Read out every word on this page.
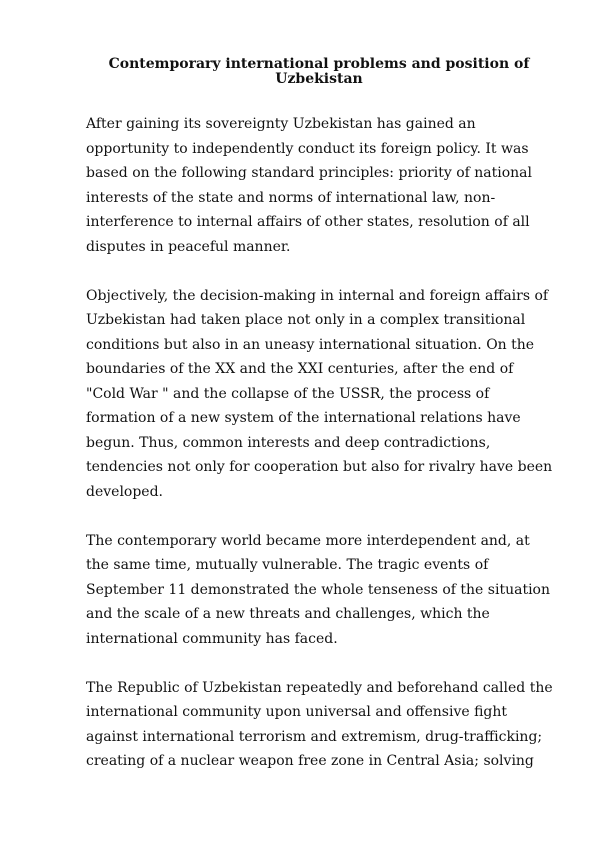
Contemporary international problems and position of Uzbekistan

After gaining its sovereignty Uzbekistan has gained an
opportunity to independently conduct its foreign policy. It was
based on the following standard principles: priority of national
interests of the state and norms of international law, non-
interference to internal affairs of other states, resolution of all
disputes in peaceful manner.

Objectively, the decision-making in internal and foreign affairs of
Uzbekistan had taken place not only in a complex transitional
conditions but also in an uneasy international situation. On the
boundaries of the XX and the XXI centuries, after the end of
"Cold War " and the collapse of the USSR, the process of
formation of a new system of the international relations have
begun. Thus, common interests and deep contradictions,
tendencies not only for cooperation but also for rivalry have been
developed.

The contemporary world became more interdependent and, at
the same time, mutually vulnerable. The tragic events of
September 11 demonstrated the whole tenseness of the situation
and the scale of a new threats and challenges, which the
international community has faced.

The Republic of Uzbekistan repeatedly and beforehand called the
international community upon universal and offensive fight
against international terrorism and extremism, drug-trafficking;
creating of a nuclear weapon free zone in Central Asia; solving
